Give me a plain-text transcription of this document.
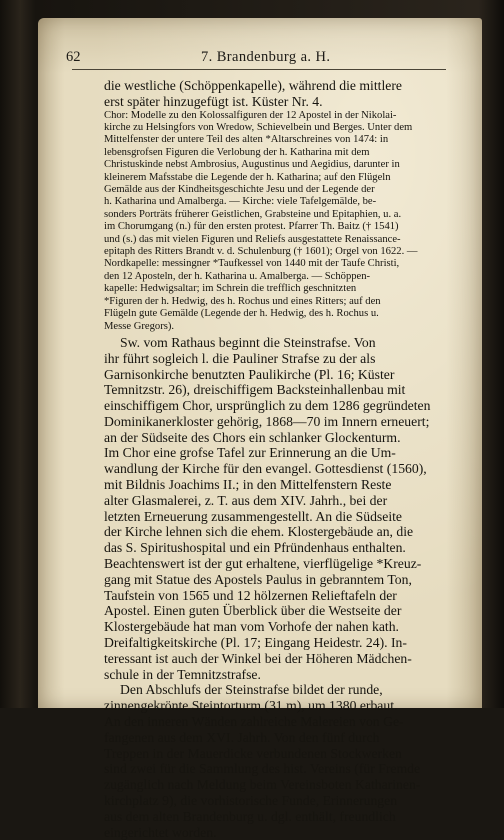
62	7. Brandenburg a. H.
die westliche (Schöppenkapelle), während die mittlere
erst später hinzugefügt ist. Küster Nr. 4.
Chor: Modelle zu den Kolossalfiguren der 12 Apostel in der Nikolai-
kirche zu Helsingfors von Wredow, Schievelbein und Berges. Unter dem
Mittelfenster der untere Teil des alten *Altarschreines von 1474: in
lebensgrofsen Figuren die Verlobung der h. Katharina mit dem
Christuskinde nebst Ambrosius, Augustinus und Aegidius, darunter in
kleinerem Mafsstabe die Legende der h. Katharina; auf den Flügeln
Gemälde aus der Kindheitsgeschichte Jesu und der Legende der
h. Katharina und Amalberga. — Kirche: viele Tafelgemälde, be-
sonders Porträts früherer Geistlichen, Grabsteine und Epitaphien, u. a.
im Chorumgang (n.) für den ersten protest. Pfarrer Th. Baitz († 1541)
und (s.) das mit vielen Figuren und Reliefs ausgestattete Renaissance-
epitaph des Ritters Brandt v. d. Schulenburg († 1601); Orgel von 1622. —
Nordkapelle: messingner *Taufkessel von 1440 mit der Taufe Christi,
den 12 Aposteln, der h. Katharina u. Amalberga. — Schöppen-
kapelle: Hedwigsaltar; im Schrein die trefflich geschnitzten
*Figuren der h. Hedwig, des h. Rochus und eines Ritters; auf den
Flügeln gute Gemälde (Legende der h. Hedwig, des h. Rochus u.
Messe Gregors).
Sw. vom Rathaus beginnt die Steinstrafse. Von
ihr führt sogleich l. die Pauliner Strafse zu der als
Garnisonkirche benutzten Paulikirche (Pl. 16; Küster
Temnitzstr. 26), dreischiffigem Backsteinhallenbau mit
einschiffigem Chor, ursprünglich zu dem 1286 gegründeten
Dominikanerkloster gehörig, 1868—70 im Innern erneuert;
an der Südseite des Chors ein schlanker Glockenturm.
Im Chor eine grofse Tafel zur Erinnerung an die Um-
wandlung der Kirche für den evangel. Gottesdienst (1560),
mit Bildnis Joachims II.; in den Mittelfenstern Reste
alter Glasmalerei, z. T. aus dem XIV. Jahrh., bei der
letzten Erneuerung zusammengestellt. An die Südseite
der Kirche lehnen sich die ehem. Klostergebäude an, die
das S. Spiritushospital und ein Pfründenhaus enthalten.
Beachtenswert ist der gut erhaltene, vierflügelige *Kreuz-
gang mit Statue des Apostels Paulus in gebranntem Ton,
Taufstein von 1565 und 12 hölzernen Relieftafeln der
Apostel. Einen guten Überblick über die Westseite der
Klostergebäude hat man vom Vorhofe der nahen kath.
Dreifaltigkeitskirche (Pl. 17; Eingang Heidestr. 24). In-
teressant ist auch der Winkel bei der Höheren Mädchen-
schule in der Temnitzstrafse.
Den Abschlufs der Steinstrafse bildet der runde,
zinnengekrönte Steintorturm (31 m), um 1380 erbaut.
An den inneren Wänden zahlreiche Malereien von Ge-
fangenen aus dem XVI. Jahrh. Von den fünf durch
Treppen in der Mauerdicke verbundenen Stockwerken
sind zwei für die Sammlung des hist. Vereins (für Fremde
zugänglich nach Meldung beim Vereinsboten Katharinen-
kirchplatz 9), die vorhistorische Funde, Erinnerungen
aus dem alten Brandenburg u. dgl. enthält, freundlich
eingerichtet worden.
